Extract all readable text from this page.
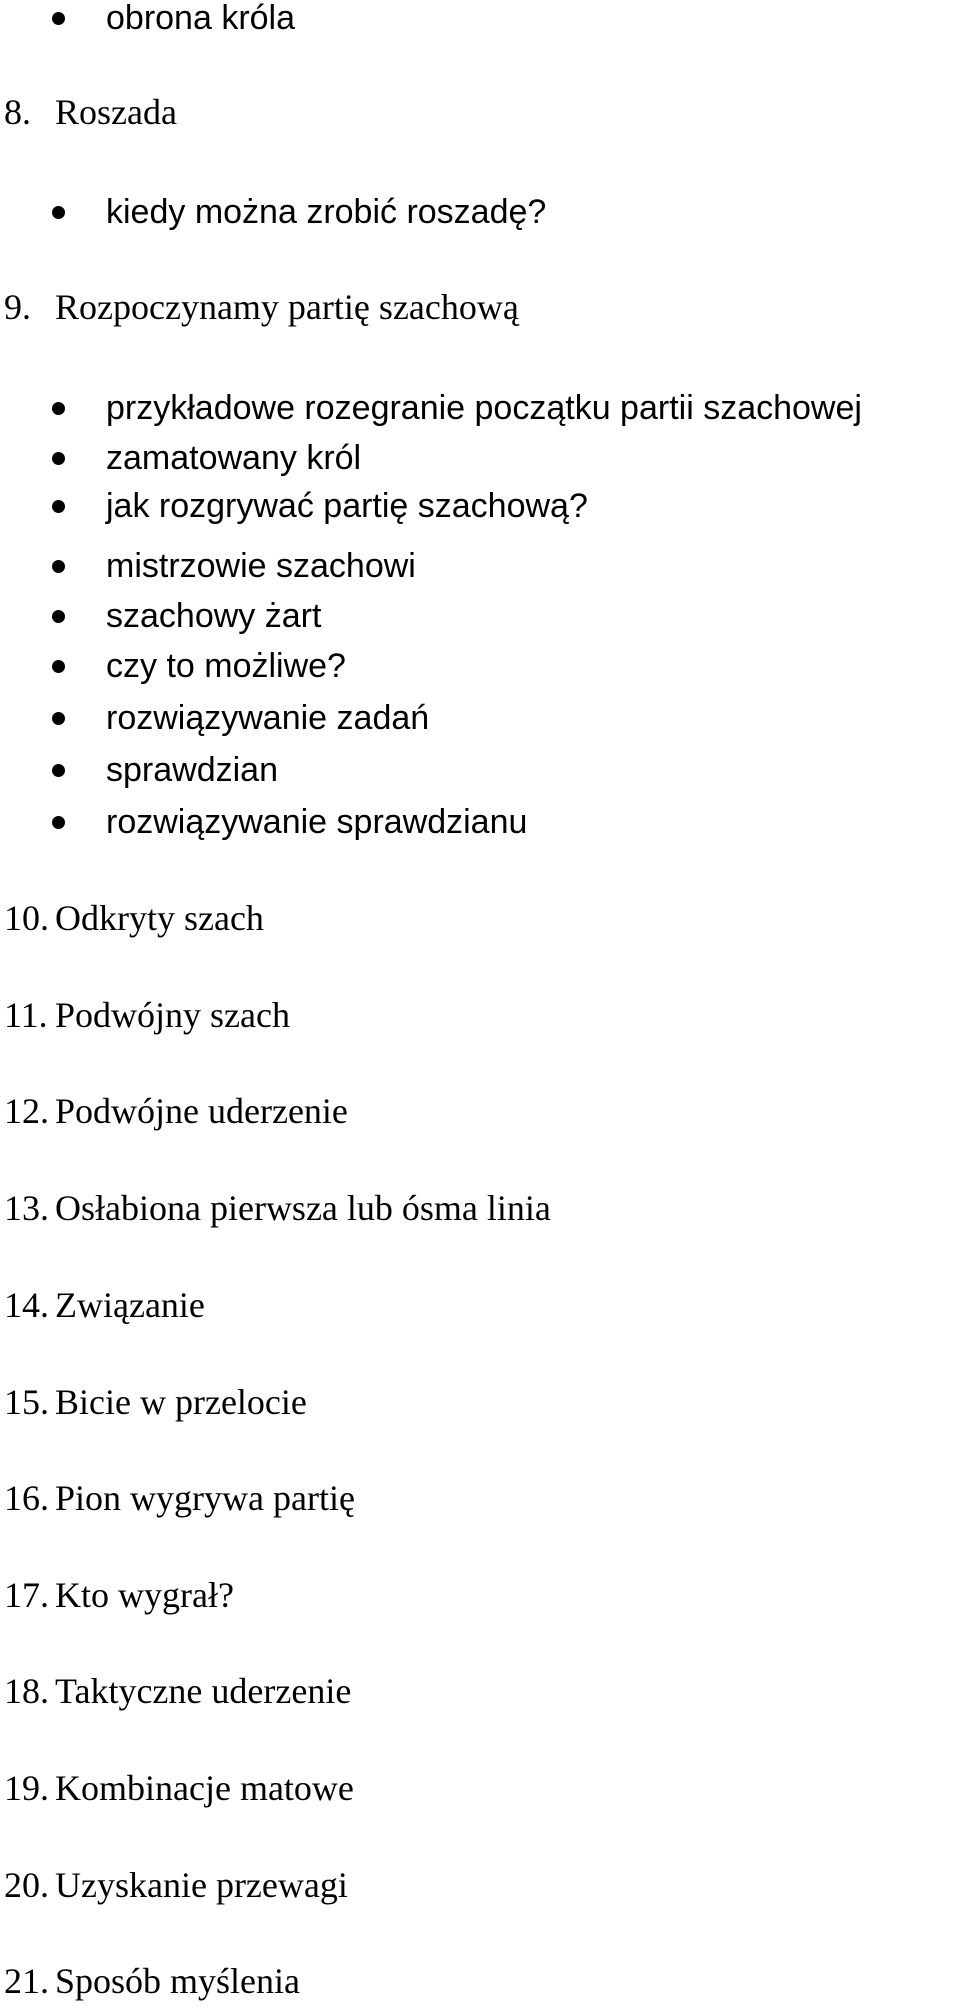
obrona króla
8. Roszada
kiedy można zrobić roszadę?
9. Rozpoczynamy partię szachową
przykładowe rozegranie początku partii szachowej
zamatowany król
jak rozgrywać partię szachową?
mistrzowie szachowi
szachowy żart
czy to możliwe?
rozwiązywanie zadań
sprawdzian
rozwiązywanie sprawdzianu
10. Odkryty szach
11. Podwójny szach
12. Podwójne uderzenie
13. Osłabiona pierwsza lub ósma linia
14. Związanie
15. Bicie w przelocie
16. Pion wygrywa partię
17. Kto wygrał?
18. Taktyczne uderzenie
19. Kombinacje matowe
20. Uzyskanie przewagi
21. Sposób myślenia
